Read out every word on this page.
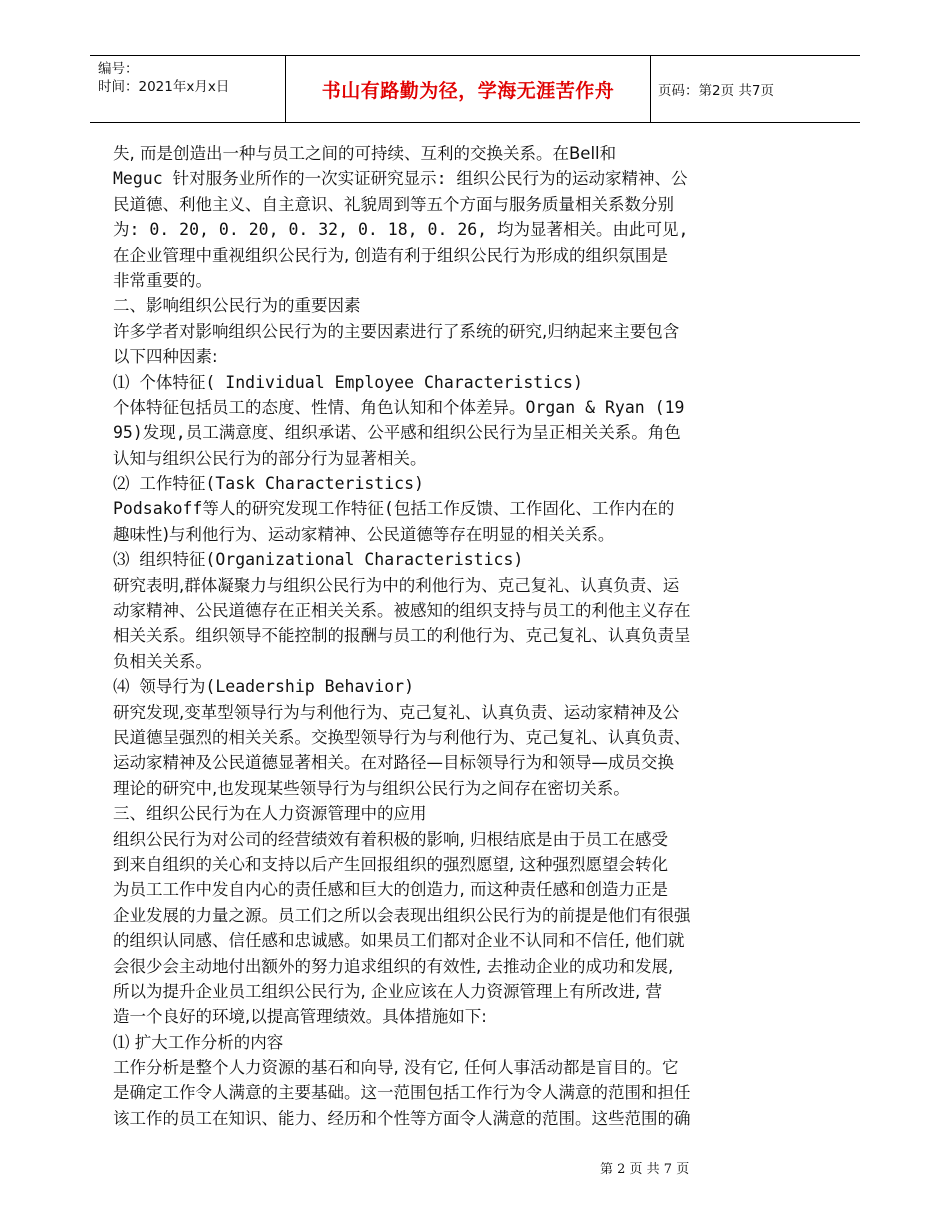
编号：
时间：2021年x月x日	书山有路勤为径，学海无涯苦作舟	页码：第2页 共7页
失, 而是创造出一种与员工之间的可持续、互利的交换关系。在Bell和
Meguc 针对服务业所作的一次实证研究显示: 组织公民行为的运动家精神、公
民道德、利他主义、自主意识、礼貌周到等五个方面与服务质量相关系数分别
为: 0. 20, 0. 20, 0. 32, 0. 18, 0. 26, 均为显著相关。由此可见,
在企业管理中重视组织公民行为, 创造有利于组织公民行为形成的组织氛围是
非常重要的。
二、影响组织公民行为的重要因素
许多学者对影响组织公民行为的主要因素进行了系统的研究,归纳起来主要包含
以下四种因素:
⑴ 个体特征( Individual Employee Characteristics)
个体特征包括员工的态度、性情、角色认知和个体差异。Organ & Ryan (19
95)发现,员工满意度、组织承诺、公平感和组织公民行为呈正相关关系。角色
认知与组织公民行为的部分行为显著相关。
⑵ 工作特征(Task Characteristics)
Podsakoff等人的研究发现工作特征(包括工作反馈、工作固化、工作内在的
趣味性)与利他行为、运动家精神、公民道德等存在明显的相关关系。
⑶ 组织特征(Organizational Characteristics)
研究表明,群体凝聚力与组织公民行为中的利他行为、克己复礼、认真负责、运
动家精神、公民道德存在正相关关系。被感知的组织支持与员工的利他主义存在
相关关系。组织领导不能控制的报酬与员工的利他行为、克己复礼、认真负责呈
负相关关系。
⑷ 领导行为(Leadership Behavior)
研究发现,变革型领导行为与利他行为、克己复礼、认真负责、运动家精神及公
民道德呈强烈的相关关系。交换型领导行为与利他行为、克己复礼、认真负责、
运动家精神及公民道德显著相关。在对路径—目标领导行为和领导—成员交换
理论的研究中,也发现某些领导行为与组织公民行为之间存在密切关系。
三、组织公民行为在人力资源管理中的应用
组织公民行为对公司的经营绩效有着积极的影响, 归根结底是由于员工在感受
到来自组织的关心和支持以后产生回报组织的强烈愿望, 这种强烈愿望会转化
为员工工作中发自内心的责任感和巨大的创造力, 而这种责任感和创造力正是
企业发展的力量之源。员工们之所以会表现出组织公民行为的前提是他们有很强
的组织认同感、信任感和忠诚感。如果员工们都对企业不认同和不信任, 他们就
会很少会主动地付出额外的努力追求组织的有效性, 去推动企业的成功和发展,
所以为提升企业员工组织公民行为, 企业应该在人力资源管理上有所改进, 营
造一个良好的环境,以提高管理绩效。具体措施如下:
⑴ 扩大工作分析的内容
工作分析是整个人力资源的基石和向导, 没有它, 任何人事活动都是盲目的。它
是确定工作令人满意的主要基础。这一范围包括工作行为令人满意的范围和担任
该工作的员工在知识、能力、经历和个性等方面令人满意的范围。这些范围的确
第 2 页 共 7 页
